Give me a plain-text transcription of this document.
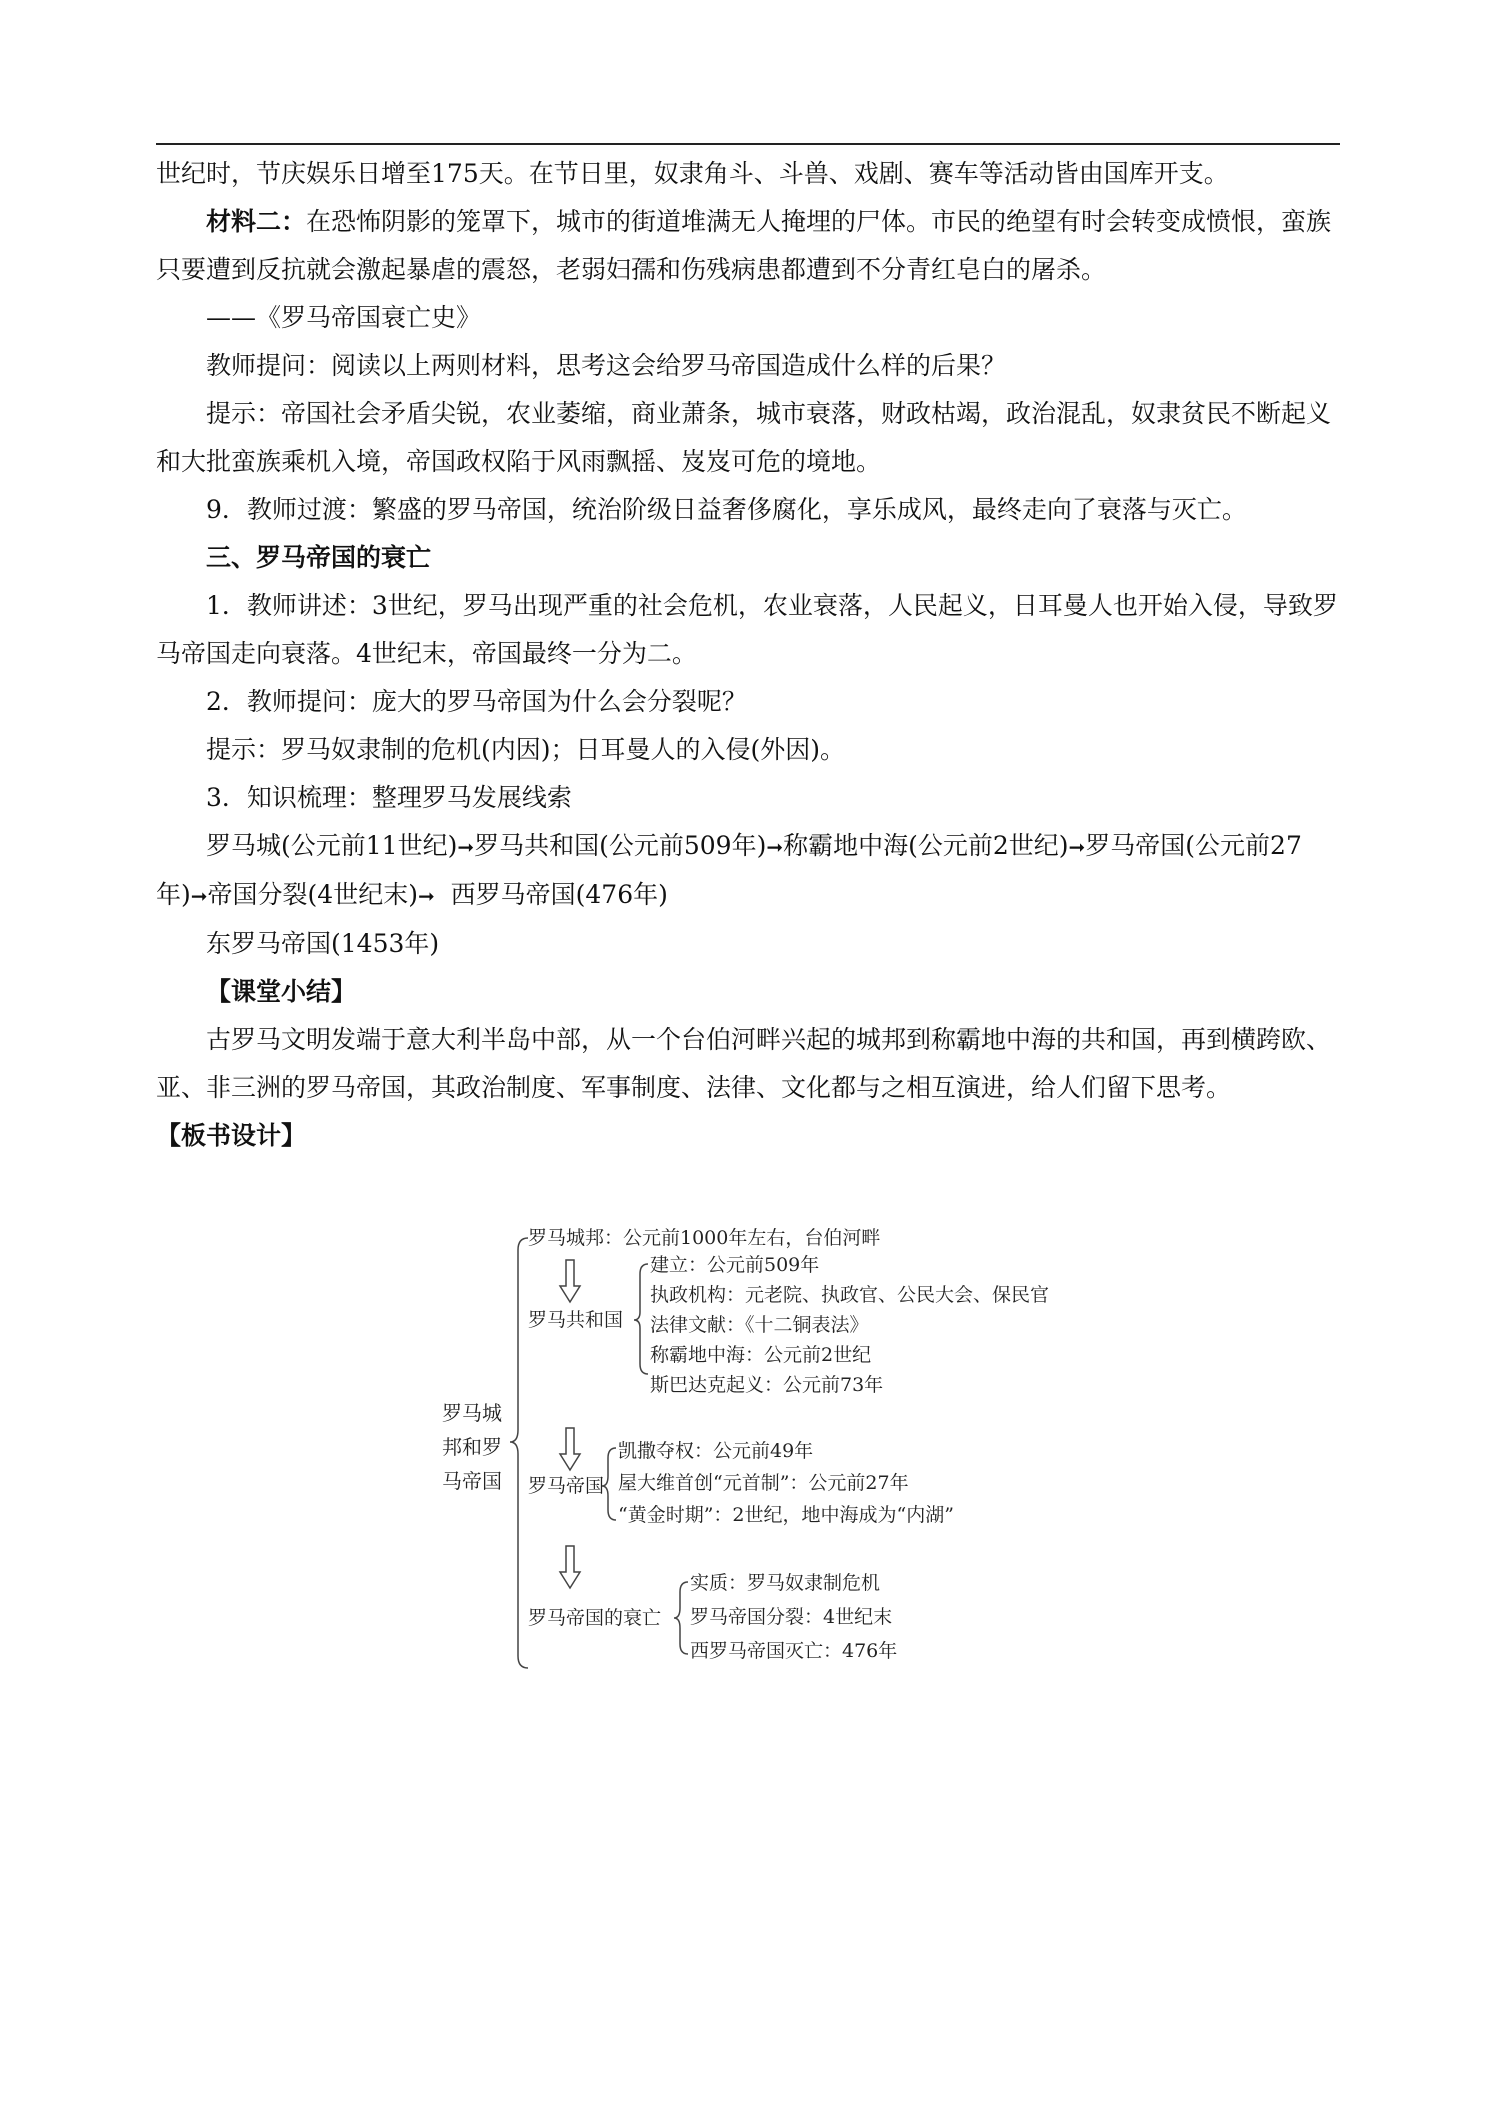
世纪时，节庆娱乐日增至175天。在节日里，奴隶角斗、斗兽、戏剧、赛车等活动皆由国库开支。

材料二：在恐怖阴影的笼罩下，城市的街道堆满无人掩埋的尸体。市民的绝望有时会转变成愤恨，蛮族只要遭到反抗就会激起暴虐的震怒，老弱妇孺和伤残病患都遭到不分青红皂白的屠杀。

——《罗马帝国衰亡史》

教师提问：阅读以上两则材料，思考这会给罗马帝国造成什么样的后果？

提示：帝国社会矛盾尖锐，农业萎缩，商业萧条，城市衰落，财政枯竭，政治混乱，奴隶贫民不断起义和大批蛮族乘机入境，帝国政权陷于风雨飘摇、岌岌可危的境地。

9．教师过渡：繁盛的罗马帝国，统治阶级日益奢侈腐化，享乐成风，最终走向了衰落与灭亡。

三、罗马帝国的衰亡

1．教师讲述：3世纪，罗马出现严重的社会危机，农业衰落，人民起义，日耳曼人也开始入侵，导致罗马帝国走向衰落。4世纪末，帝国最终一分为二。

2．教师提问：庞大的罗马帝国为什么会分裂呢？

提示：罗马奴隶制的危机(内因)；日耳曼人的入侵(外因)。

3．知识梳理：整理罗马发展线索

罗马城(公元前11世纪)➞罗马共和国(公元前509年)➞称霸地中海(公元前2世纪)➞罗马帝国(公元前27年)➞帝国分裂(4世纪末)➞ 西罗马帝国(476年)

东罗马帝国(1453年)

【课堂小结】

古罗马文明发端于意大利半岛中部，从一个台伯河畔兴起的城邦到称霸地中海的共和国，再到横跨欧、亚、非三洲的罗马帝国，其政治制度、军事制度、法律、文化都与之相互演进，给人们留下思考。

【板书设计】

罗马城邦和罗马帝国
罗马城邦：公元前1000年左右，台伯河畔
罗马共和国
建立：公元前509年
执政机构：元老院、执政官、公民大会、保民官
法律文献：《十二铜表法》
称霸地中海：公元前2世纪
斯巴达克起义：公元前73年
罗马帝国
凯撒夺权：公元前49年
屋大维首创“元首制”：公元前27年
“黄金时期”：2世纪，地中海成为“内湖”
罗马帝国的衰亡
实质：罗马奴隶制危机
罗马帝国分裂：4世纪末
西罗马帝国灭亡：476年
